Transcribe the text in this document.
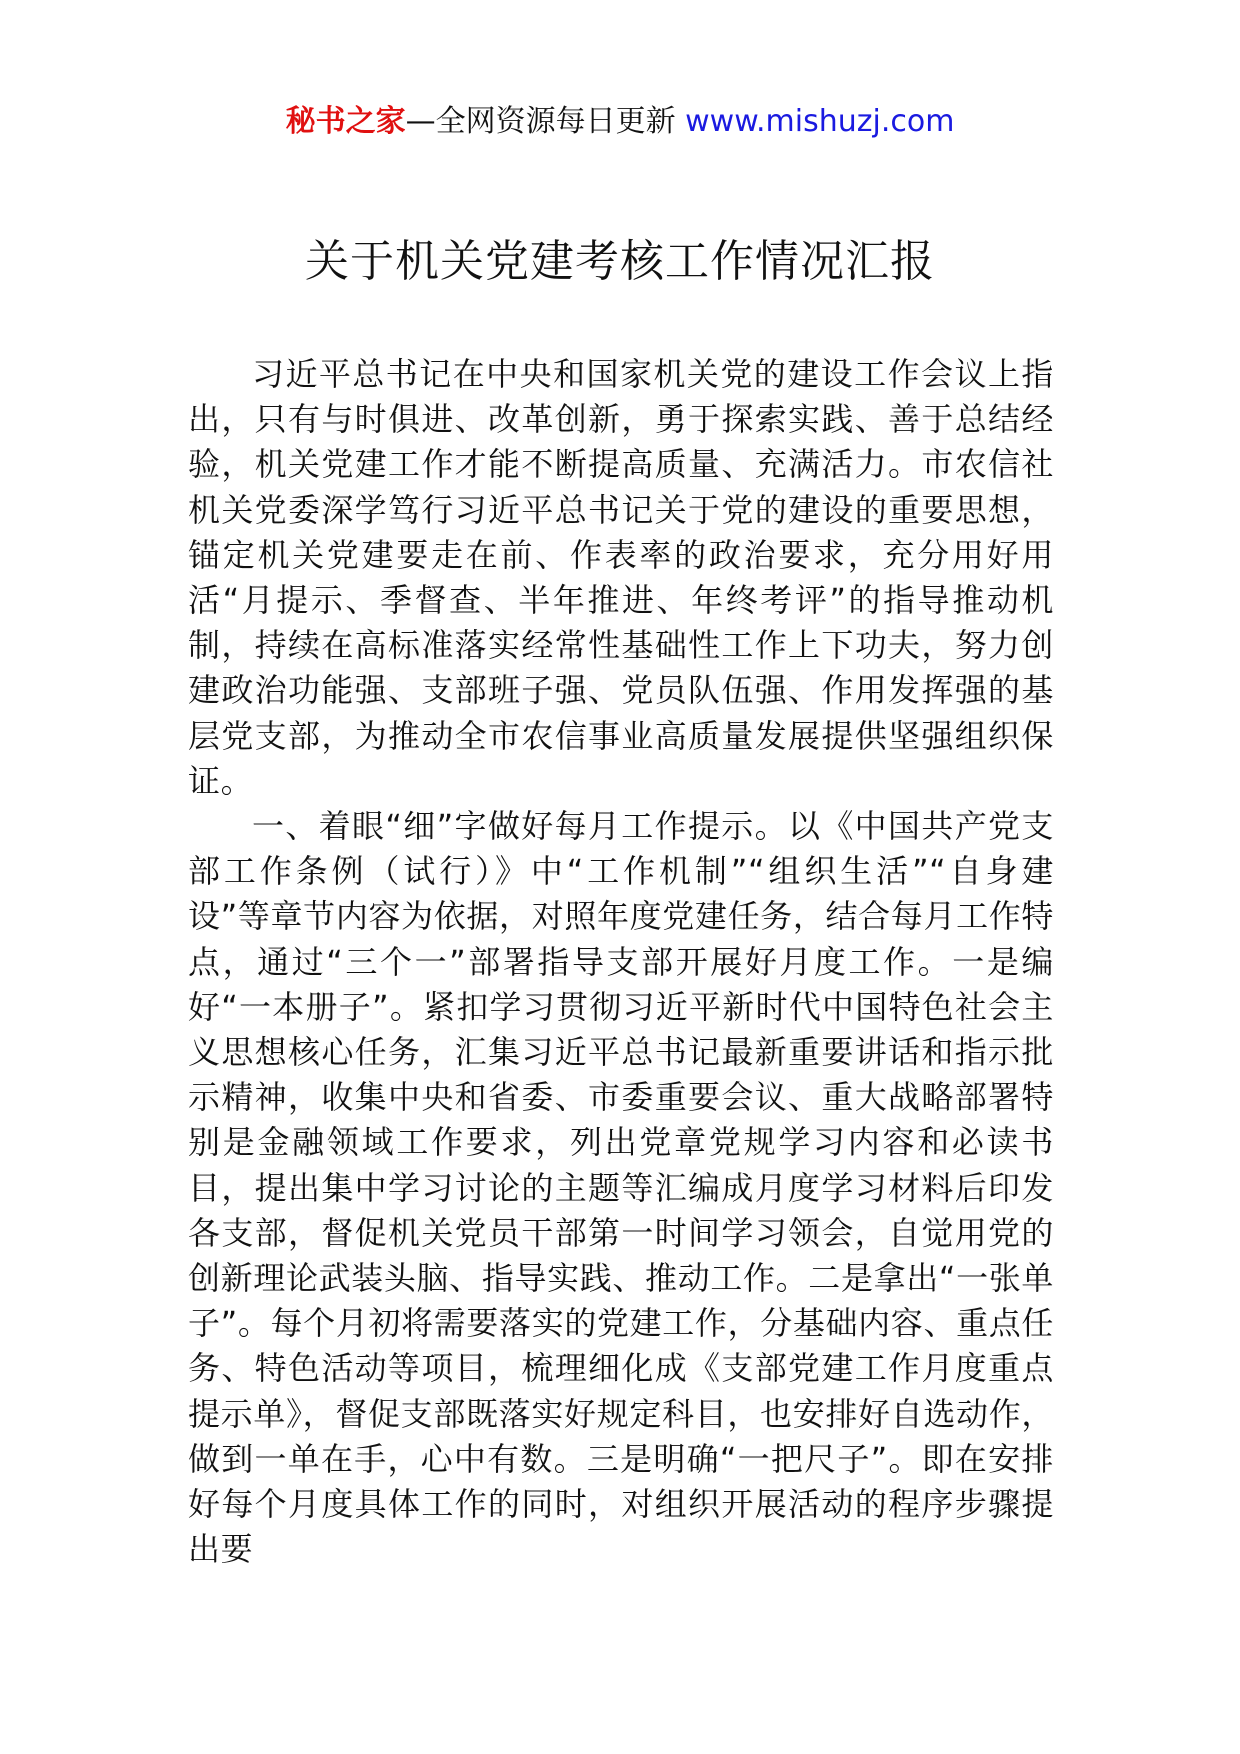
秘书之家—全网资源每日更新 www.mishuzj.com
关于机关党建考核工作情况汇报

习近平总书记在中央和国家机关党的建设工作会议上指出，只有与时俱进、改革创新，勇于探索实践、善于总结经验，机关党建工作才能不断提高质量、充满活力。市农信社机关党委深学笃行习近平总书记关于党的建设的重要思想，锚定机关党建要走在前、作表率的政治要求，充分用好用活“月提示、季督查、半年推进、年终考评”的指导推动机制，持续在高标准落实经常性基础性工作上下功夫，努力创建政治功能强、支部班子强、党员队伍强、作用发挥强的基层党支部，为推动全市农信事业高质量发展提供坚强组织保证。

一、着眼“细”字做好每月工作提示。以《中国共产党支部工作条例（试行）》中“工作机制”“组织生活”“自身建设”等章节内容为依据，对照年度党建任务，结合每月工作特点，通过“三个一”部署指导支部开展好月度工作。一是编好“一本册子”。紧扣学习贯彻习近平新时代中国特色社会主义思想核心任务，汇集习近平总书记最新重要讲话和指示批示精神，收集中央和省委、市委重要会议、重大战略部署特别是金融领域工作要求，列出党章党规学习内容和必读书目，提出集中学习讨论的主题等汇编成月度学习材料后印发各支部，督促机关党员干部第一时间学习领会，自觉用党的创新理论武装头脑、指导实践、推动工作。二是拿出“一张单子”。每个月初将需要落实的党建工作，分基础内容、重点任务、特色活动等项目，梳理细化成《支部党建工作月度重点提示单》，督促支部既落实好规定科目，也安排好自选动作，做到一单在手，心中有数。三是明确“一把尺子”。即在安排好每个月度具体工作的同时，对组织开展活动的程序步骤提出要
